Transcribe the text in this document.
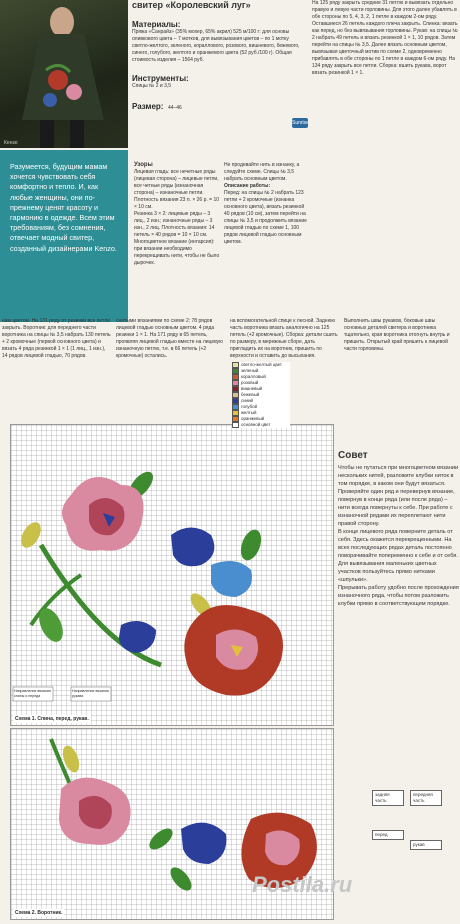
Кензо
свитер «Королевский луг»
Материалы:
Пряжа «Санрайз» (35% мохер, 65% акрил) 525 м/100 г: для основы оливкового цвета – 7 мотков, для вывязывания цветов – по 1 мотку светло-желтого, зеленого, кораллового, розового, вишневого, бежевого, синего, голубого, желтого и оранжевого цвета (52 руб./100 г). Общая стоимость изделия – 1564 руб.
Инструменты:
Спицы № 2 и 3,5
Размер: 44–46
Sunrise
На 125 ряду закрыть средние 31 петлю и вывязать отдельно правую и левую части горловины. Для этого далее убавлять в обе стороны по 5, 4, 3, 2, 1 петле в каждом 2-ом ряду. Оставшиеся 26 петель каждого плеча закрыть. Спинка: вязать как перед, но без вывязывания горловины. Рукав: на спицы № 2 набрать 49 петель и вязать резинкой 1 × 1, 10 рядов. Затем перейти на спицы № 3,5. Далее вязать основным цветом, вывязывая цветочный мотив по схеме 2, одновременно прибавлять в обе стороны по 1 петле в каждом 6-ом ряду. На 134 ряду закрыть все петли. Сборка: вшить рукава, ворот вязать резинкой 1 × 1.

Разумеется, будущим мамам хочется чувствовать себя комфортно и тепло. И, как любые женщины, они по-прежнему ценят красоту и гармонию в одежде. Всем этим требованиям, без сомнения, отвечает модный свитер, созданный дизайнерами Kenzo.

Узоры
Лицевая гладь: все нечетные ряды (лицевая сторона) – лицевые петли, все четные ряды (изнаночная сторона) – изнаночные петли. Плотность вязания 23 п. × 26 р. = 10 × 10 см.
Резинка 3 × 2: лицевые ряды – 3 лиц., 2 изн.; изнаночные ряды – 3 изн., 2 лиц. Плотность вязания: 14 петель × 40 рядов = 10 × 10 см.
Многоцветное вязание (интарсия): при вязании необходимо перекрещивать нити, чтобы не было дырочек.
Не продевайте нить в изнанку, а следуйте схеме. Спицы № 3,5 набрать основным цветом.
Описание работы:
Перед: на спицы № 2 набрать 123 петли + 2 кромочные (изнанка основного цвета), вязать резинкой 40 рядов (10 см), затем перейти на спицы № 3,5 и продолжить вязание лицевой гладью по схеме 1, 100 рядов лицевой гладью основным цветом.
ним цветом. На 131 ряду от резинки все петли закрыть. Воротник: для переднего части воротника на спицы № 3,5 набрать 130 петель + 2 кромочные (первой основного цвета) и вязать 4 ряда резинкой 1 × 1 (1 лиц., 1 изн.), 14 рядов лицевой гладью, 70 рядов.
снятыми вязаниями по схеме 2; 78 рядов лицевой гладью основным цветом. 4 ряда резинки 1 × 1. На 171 ряду в 65 петель, проявляя лицевой гладью вместе на лицевую изнаночную петлю, т.е. в 66 петель (+2 кромочные) остались.
на вспомогательной спице к лесной. Заднюю часть воротника вязать аналогично на 125 петель (+2 кромочные). Сборка: детали сшить по размеру, в мережные сборе, дать пригладить их на воротник, пришить по верхности и оставить до высыхания.
Выполнить швы рукавов, боковые швы основных деталей свитера и воротника тщательно, края воротника отогнуть внутрь и пришить. Открытый край пришить к лицевой части горловины.
Направление вязания спины и переда
Направление вязания рукава
Схема 1. Спина, перед, рукав.
светло-желтый цвет
зеленый
коралловый
розовый
вишневый
бежевый
синий
голубой
желтый
оранжевый
основной цвет
Схема 2. Воротник.
Совет
Чтобы не путаться при многоцветном вязании нескольких нитей, разложите клубки ниток в том порядке, в каком они будут вязаться. Проверяйте один ряд и перевернув вязание, повернув в конце ряда (или после ряда) – нити всегда повернуты к себе. При работе с изнаночной рядами их переплетают нити правой сторону.
В конце лицевого ряда поверните деталь от себя. Здесь окажется перекрещенными. На всех последующих рядах деталь постоянно поворачивайте попеременно к себе и от себя.
Для вывязывания маленьких цветных участков пользуйтесь прямо нитками «шпульки».
Прерывать работу удобно после прохождения изнаночного ряда, чтобы потом разложить клубки прямо в соответствующем порядке.
задняя часть
передняя часть
перед
рукав
Postila.ru
